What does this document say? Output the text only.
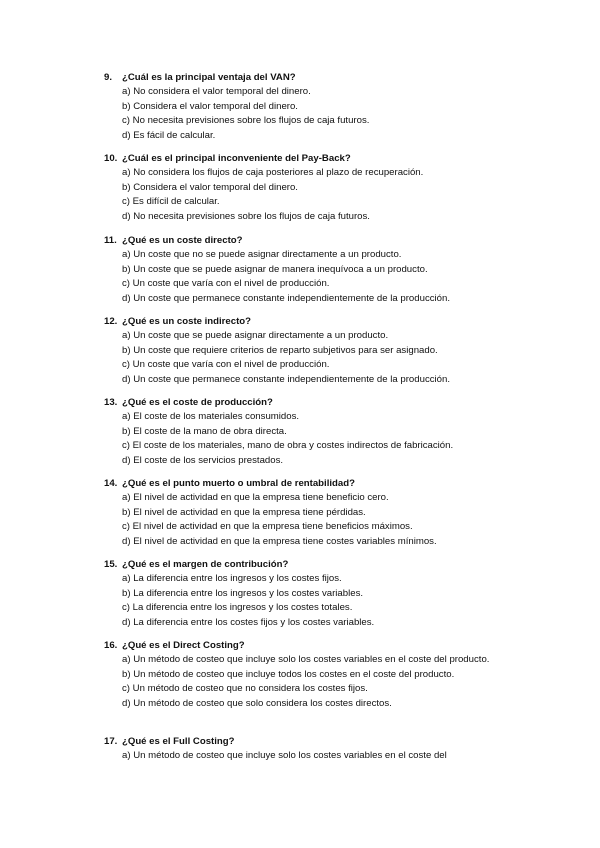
9. ¿Cuál es la principal ventaja del VAN?
a) No considera el valor temporal del dinero.
b) Considera el valor temporal del dinero.
c) No necesita previsiones sobre los flujos de caja futuros.
d) Es fácil de calcular.
10. ¿Cuál es el principal inconveniente del Pay-Back?
a) No considera los flujos de caja posteriores al plazo de recuperación.
b) Considera el valor temporal del dinero.
c) Es difícil de calcular.
d) No necesita previsiones sobre los flujos de caja futuros.
11. ¿Qué es un coste directo?
a) Un coste que no se puede asignar directamente a un producto.
b) Un coste que se puede asignar de manera inequívoca a un producto.
c) Un coste que varía con el nivel de producción.
d) Un coste que permanece constante independientemente de la producción.
12. ¿Qué es un coste indirecto?
a) Un coste que se puede asignar directamente a un producto.
b) Un coste que requiere criterios de reparto subjetivos para ser asignado.
c) Un coste que varía con el nivel de producción.
d) Un coste que permanece constante independientemente de la producción.
13. ¿Qué es el coste de producción?
a) El coste de los materiales consumidos.
b) El coste de la mano de obra directa.
c) El coste de los materiales, mano de obra y costes indirectos de fabricación.
d) El coste de los servicios prestados.
14. ¿Qué es el punto muerto o umbral de rentabilidad?
a) El nivel de actividad en que la empresa tiene beneficio cero.
b) El nivel de actividad en que la empresa tiene pérdidas.
c) El nivel de actividad en que la empresa tiene beneficios máximos.
d) El nivel de actividad en que la empresa tiene costes variables mínimos.
15. ¿Qué es el margen de contribución?
a) La diferencia entre los ingresos y los costes fijos.
b) La diferencia entre los ingresos y los costes variables.
c) La diferencia entre los ingresos y los costes totales.
d) La diferencia entre los costes fijos y los costes variables.
16. ¿Qué es el Direct Costing?
a) Un método de costeo que incluye solo los costes variables en el coste del producto.
b) Un método de costeo que incluye todos los costes en el coste del producto.
c) Un método de costeo que no considera los costes fijos.
d) Un método de costeo que solo considera los costes directos.
17. ¿Qué es el Full Costing?
a) Un método de costeo que incluye solo los costes variables en el coste del
